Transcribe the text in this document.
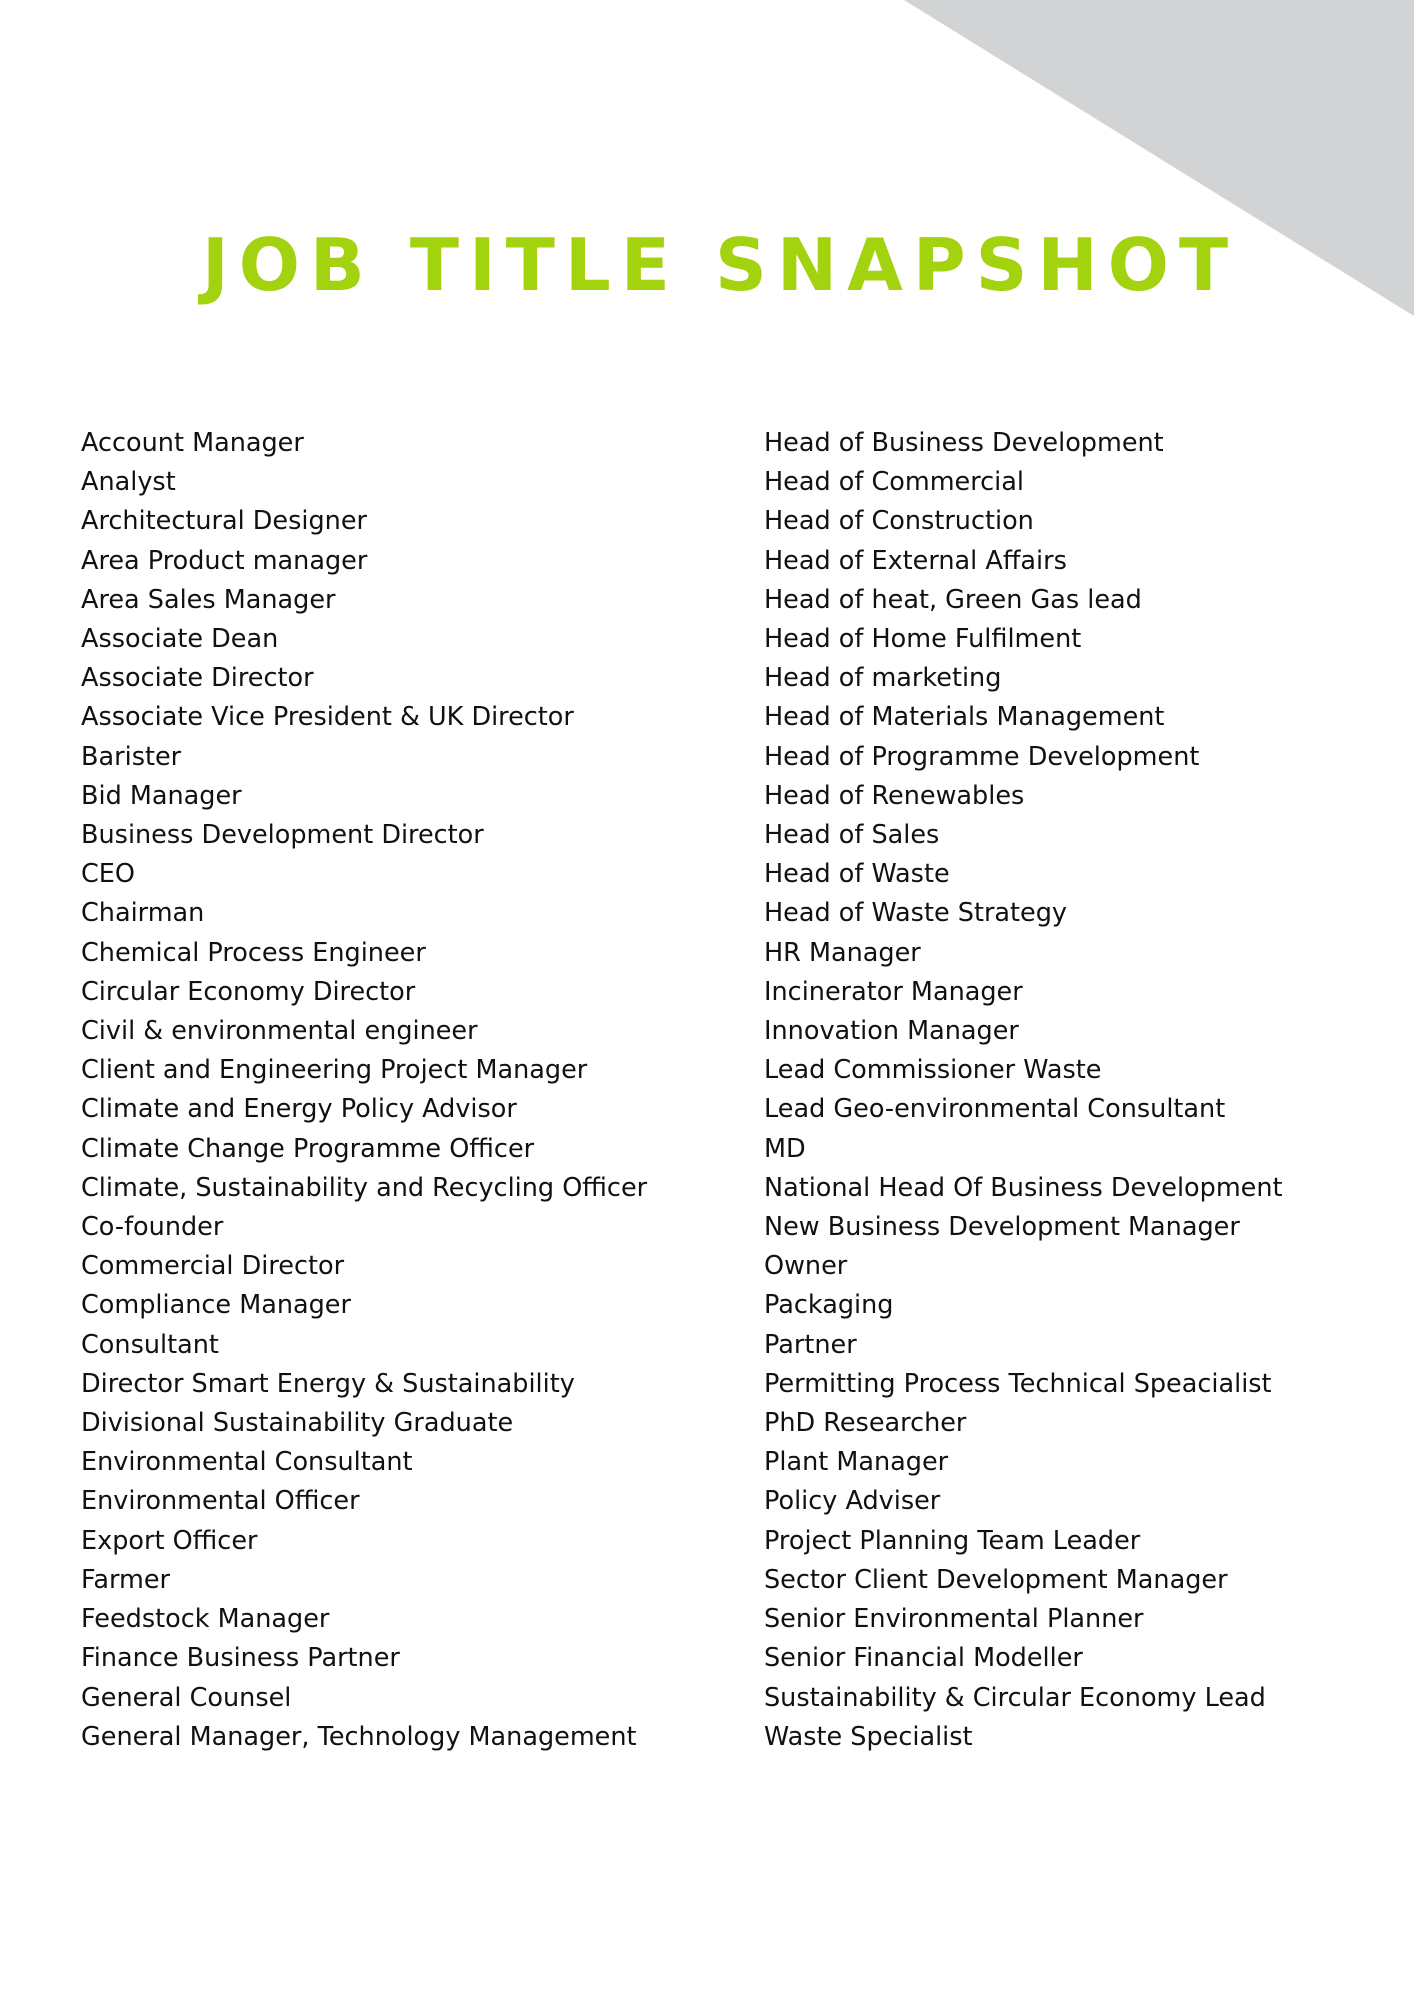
JOB TITLE SNAPSHOT
Account Manager
Analyst
Architectural Designer
Area Product manager
Area Sales Manager
Associate Dean
Associate Director
Associate Vice President & UK Director
Barister
Bid Manager
Business Development Director
CEO
Chairman
Chemical Process Engineer
Circular Economy Director
Civil & environmental engineer
Client and Engineering Project Manager
Climate and Energy Policy Advisor
Climate Change Programme Officer
Climate, Sustainability and Recycling Officer
Co-founder
Commercial Director
Compliance Manager
Consultant
Director Smart Energy & Sustainability
Divisional Sustainability Graduate
Environmental Consultant
Environmental Officer
Export Officer
Farmer
Feedstock Manager
Finance Business Partner
General Counsel
General Manager, Technology Management
Head of Business Development
Head of Commercial
Head of Construction
Head of External Affairs
Head of heat, Green Gas lead
Head of Home Fulfilment
Head of marketing
Head of Materials Management
Head of Programme Development
Head of Renewables
Head of Sales
Head of Waste
Head of Waste Strategy
HR Manager
Incinerator Manager
Innovation Manager
Lead Commissioner Waste
Lead Geo-environmental Consultant
MD
National Head Of Business Development
New Business Development Manager
Owner
Packaging
Partner
Permitting Process Technical Speacialist
PhD Researcher
Plant Manager
Policy Adviser
Project Planning Team Leader
Sector Client Development Manager
Senior Environmental Planner
Senior Financial Modeller
Sustainability & Circular Economy Lead
Waste Specialist
